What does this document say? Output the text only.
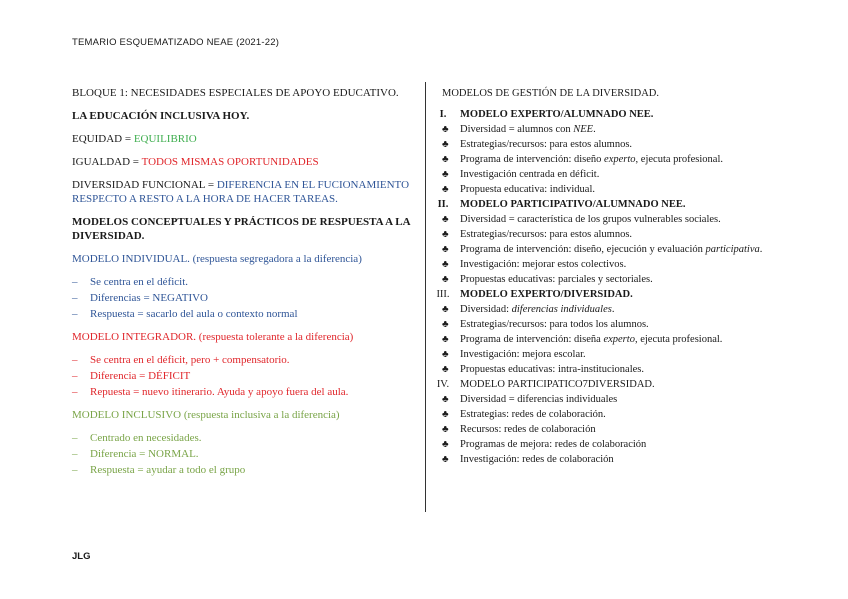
TEMARIO ESQUEMATIZADO NEAE (2021-22)

BLOQUE 1: NECESIDADES ESPECIALES DE APOYO EDUCATIVO.

LA EDUCACIÓN INCLUSIVA HOY.

EQUIDAD = EQUILIBRIO

IGUALDAD = TODOS MISMAS OPORTUNIDADES

DIVERSIDAD FUNCIONAL = DIFERENCIA EN EL FUCIONAMIENTO RESPECTO A RESTO A LA HORA DE HACER TAREAS.

MODELOS CONCEPTUALES Y PRÁCTICOS DE RESPUESTA A LA DIVERSIDAD.

MODELO INDIVIDUAL. (respuesta segregadora a la diferencia)

– Se centra en el déficit.
– Diferencias = NEGATIVO
– Respuesta = sacarlo del aula o contexto normal

MODELO INTEGRADOR. (respuesta tolerante a la diferencia)

– Se centra en el déficit, pero + compensatorio.
– Diferencia = DÉFICIT
– Repuesta = nuevo itinerario. Ayuda y apoyo fuera del aula.

MODELO INCLUSIVO (respuesta inclusiva a la diferencia)

– Centrado en necesidades.
– Diferencia = NORMAL.
– Respuesta = ayudar a todo el grupo

MODELOS DE GESTIÓN DE LA DIVERSIDAD.

I.	MODELO EXPERTO/ALUMNADO NEE.
♣ Diversidad = alumnos con NEE.
♣ Estrategias/recursos: para estos alumnos.
♣ Programa de intervención: diseño experto, ejecuta profesional.
♣ Investigación centrada en déficit.
♣ Propuesta educativa: individual.
II.	MODELO PARTICIPATIVO/ALUMNADO NEE.
♣ Diversidad = característica de los grupos vulnerables sociales.
♣ Estrategias/recursos: para estos alumnos.
♣ Programa de intervención: diseño, ejecución y evaluación participativa.
♣ Investigación: mejorar estos colectivos.
♣ Propuestas educativas: parciales y sectoriales.
III. MODELO EXPERTO/DIVERSIDAD.
♣ Diversidad: diferencias individuales.
♣ Estrategias/recursos: para todos los alumnos.
♣ Programa de intervención: diseña experto, ejecuta profesional.
♣ Investigación: mejora escolar.
♣ Propuestas educativas: intra-institucionales.
IV.	MODELO PARTICIPATICO7DIVERSIDAD.
♣ Diversidad = diferencias individuales
♣ Estrategias: redes de colaboración.
♣ Recursos: redes de colaboración
♣ Programas de mejora: redes de colaboración
♣ Investigación: redes de colaboración
JLG
